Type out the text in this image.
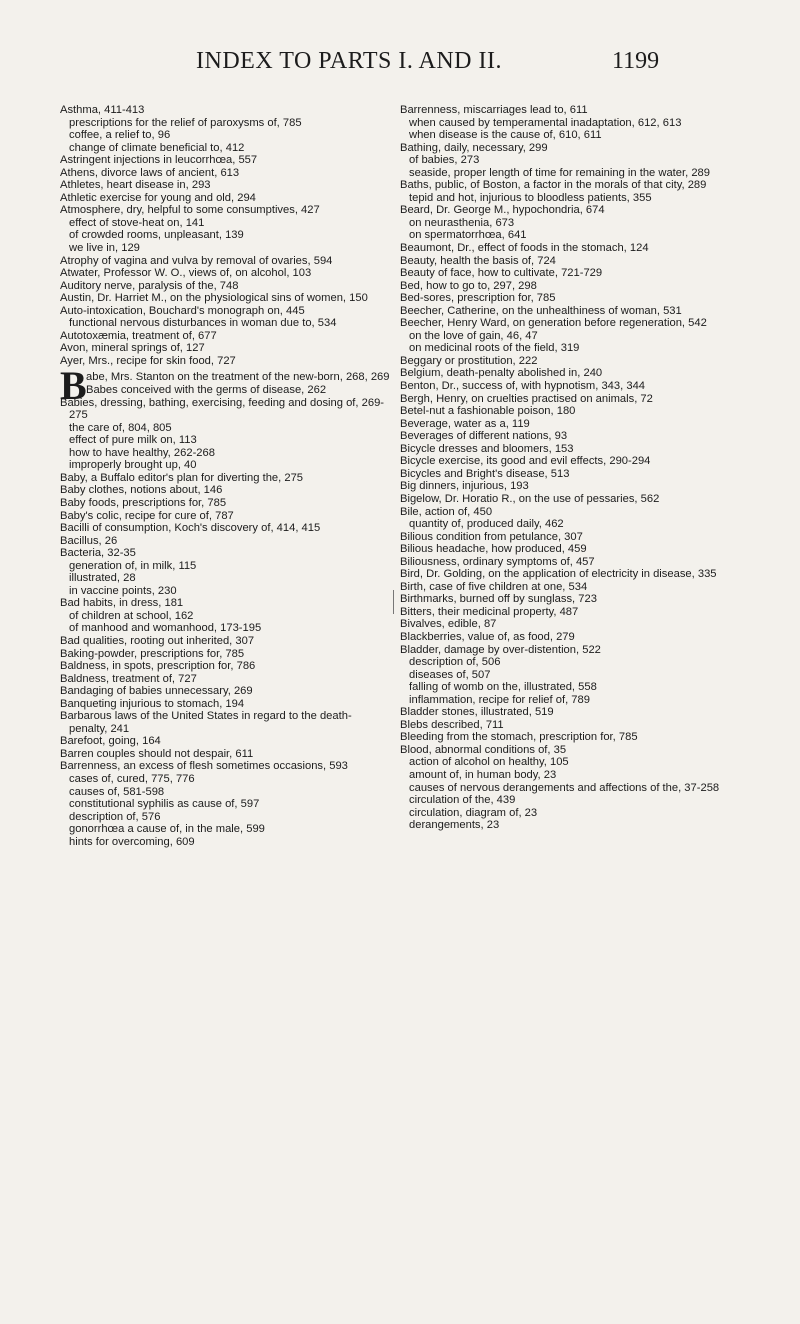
INDEX TO PARTS I. AND II.	1199
Asthma, 411-413
prescriptions for the relief of paroxysms of, 785
coffee, a relief to, 96
change of climate beneficial to, 412
Astringent injections in leucorrhœa, 557
Athens, divorce laws of ancient, 613
Athletes, heart disease in, 293
Athletic exercise for young and old, 294
Atmosphere, dry, helpful to some consumptives, 427
effect of stove-heat on, 141
of crowded rooms, unpleasant, 139
we live in, 129
Atrophy of vagina and vulva by removal of ovaries, 594
Atwater, Professor W. O., views of, on alcohol, 103
Auditory nerve, paralysis of the, 748
Austin, Dr. Harriet M., on the physiological sins of women, 150
Auto-intoxication, Bouchard's monograph on, 445
functional nervous disturbances in woman due to, 534
Autotoxæmia, treatment of, 677
Avon, mineral springs of, 127
Ayer, Mrs., recipe for skin food, 727
B abe, Mrs. Stanton on the treatment of the new-born, 268, 269
Babes conceived with the germs of disease, 262
Babies, dressing, bathing, exercising, feeding and dosing of, 269-275
the care of, 804, 805
effect of pure milk on, 113
how to have healthy, 262-268
improperly brought up, 40
Baby, a Buffalo editor's plan for diverting the, 275
Baby clothes, notions about, 146
Baby foods, prescriptions for, 785
Baby's colic, recipe for cure of, 787
Bacilli of consumption, Koch's discovery of, 414, 415
Bacillus, 26
Bacteria, 32-35
generation of, in milk, 115
illustrated, 28
in vaccine points, 230
Bad habits, in dress, 181
of children at school, 162
of manhood and womanhood, 173-195
Bad qualities, rooting out inherited, 307
Baking-powder, prescriptions for, 785
Baldness, in spots, prescription for, 786
Baldness, treatment of, 727
Bandaging of babies unnecessary, 269
Banqueting injurious to stomach, 194
Barbarous laws of the United States in regard to the death-penalty, 241
Barefoot, going, 164
Barren couples should not despair, 611
Barrenness, an excess of flesh sometimes occasions, 593
cases of, cured, 775, 776
causes of, 581-598
constitutional syphilis as cause of, 597
description of, 576
gonorrhœa a cause of, in the male, 599
hints for overcoming, 609
Barrenness, miscarriages lead to, 611
when caused by temperamental inadaptation, 612, 613
when disease is the cause of, 610, 611
Bathing, daily, necessary, 299
of babies, 273
seaside, proper length of time for remaining in the water, 289
Baths, public, of Boston, a factor in the morals of that city, 289
tepid and hot, injurious to bloodless patients, 355
Beard, Dr. George M., hypochondria, 674
on neurasthenia, 673
on spermatorrhœa, 641
Beaumont, Dr., effect of foods in the stomach, 124
Beauty, health the basis of, 724
Beauty of face, how to cultivate, 721-729
Bed, how to go to, 297, 298
Bed-sores, prescription for, 785
Beecher, Catherine, on the unhealthiness of woman, 531
Beecher, Henry Ward, on generation before regeneration, 542
on the love of gain, 46, 47
on medicinal roots of the field, 319
Beggary or prostitution, 222
Belgium, death-penalty abolished in, 240
Benton, Dr., success of, with hypnotism, 343, 344
Bergh, Henry, on cruelties practised on animals, 72
Betel-nut a fashionable poison, 180
Beverage, water as a, 119
Beverages of different nations, 93
Bicycle dresses and bloomers, 153
Bicycle exercise, its good and evil effects, 290-294
Bicycles and Bright's disease, 513
Big dinners, injurious, 193
Bigelow, Dr. Horatio R., on the use of pessaries, 562
Bile, action of, 450
quantity of, produced daily, 462
Bilious condition from petulance, 307
Bilious headache, how produced, 459
Biliousness, ordinary symptoms of, 457
Bird, Dr. Golding, on the application of electricity in disease, 335
Birth, case of five children at one, 534
Birthmarks, burned off by sunglass, 723
Bitters, their medicinal property, 487
Bivalves, edible, 87
Blackberries, value of, as food, 279
Bladder, damage by over-distention, 522
description of, 506
diseases of, 507
falling of womb on the, illustrated, 558
inflammation, recipe for relief of, 789
Bladder stones, illustrated, 519
Blebs described, 711
Bleeding from the stomach, prescription for, 785
Blood, abnormal conditions of, 35
action of alcohol on healthy, 105
amount of, in human body, 23
causes of nervous derangements and affections of the, 37-258
circulation of the, 439
circulation, diagram of, 23
derangements, 23
